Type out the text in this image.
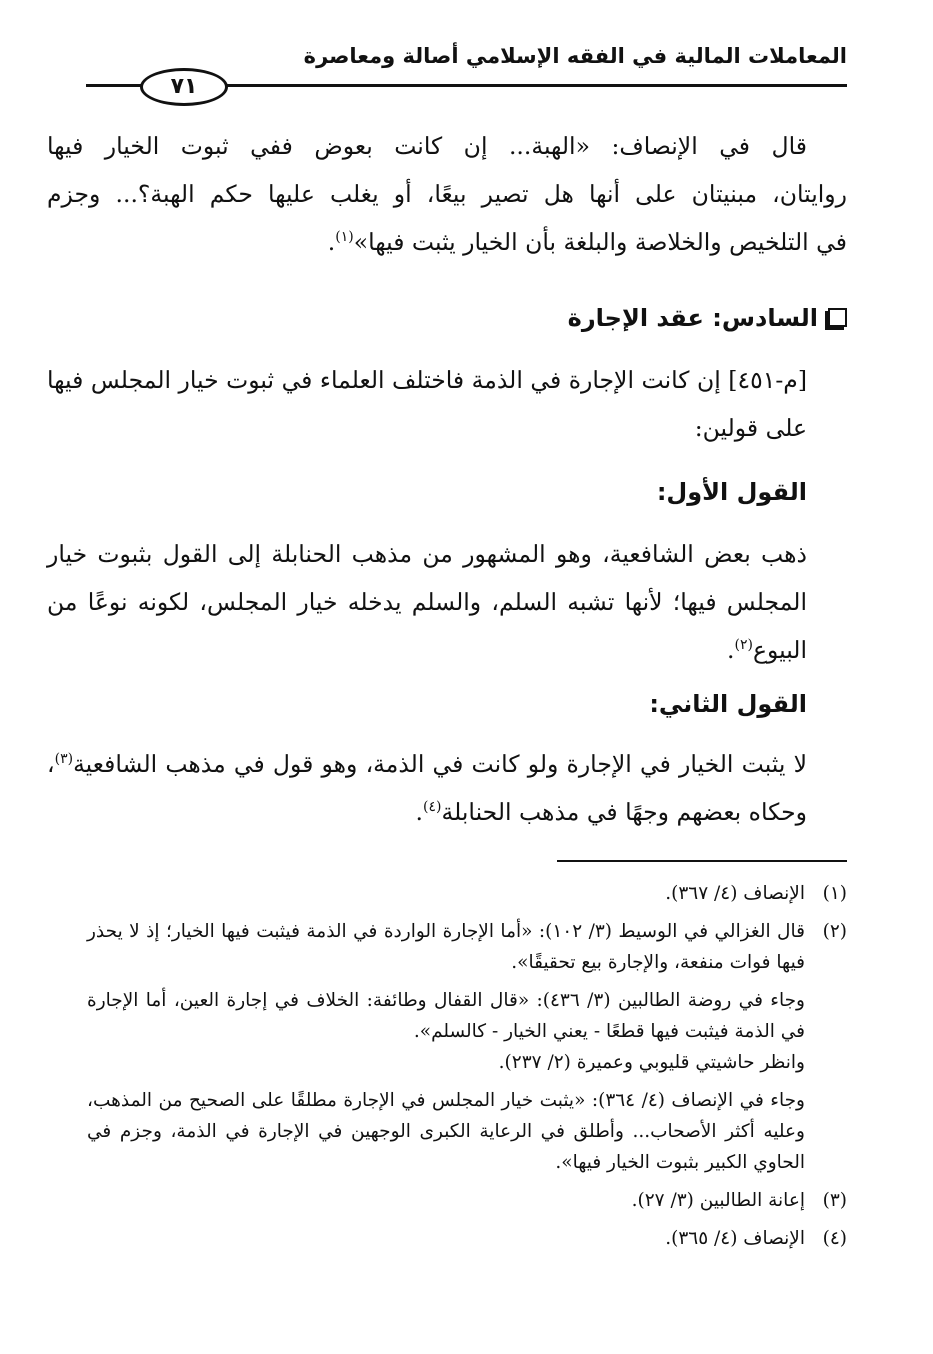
المعاملات المالية في الفقه الإسلامي أصالة ومعاصرة
٧١
قال في الإنصاف: «الهبة... إن كانت بعوض ففي ثبوت الخيار فيها
روايتان، مبنيتان على أنها هل تصير بيعًا، أو يغلب عليها حكم الهبة؟... وجزم
في التلخيص والخلاصة والبلغة بأن الخيار يثبت فيها»$^{(١)}$.
السادس: عقد الإجارة
[م-٤٥١] إن كانت الإجارة في الذمة فاختلف العلماء في ثبوت خيار المجلس فيها على قولين:
القول الأول:
ذهب بعض الشافعية، وهو المشهور من مذهب الحنابلة إلى القول بثبوت خيار المجلس فيها؛ لأنها تشبه السلم، والسلم يدخله خيار المجلس، لكونه نوعًا من البيوع$^{(٢)}$.
القول الثاني:
لا يثبت الخيار في الإجارة ولو كانت في الذمة، وهو قول في مذهب الشافعية$^{(٣)}$، وحكاه بعضهم وجهًا في مذهب الحنابلة$^{(٤)}$.
(١)
الإنصاف (٤/ ٣٦٧).
(٢)
قال الغزالي في الوسيط (٣/ ١٠٢): «أما الإجارة الواردة في الذمة فيثبت فيها الخيار؛ إذ لا يحذر فيها فوات منفعة، والإجارة بيع تحقيقًا».
وجاء في روضة الطالبين (٣/ ٤٣٦): «قال القفال وطائفة: الخلاف في إجارة العين، أما الإجارة في الذمة فيثبت فيها قطعًا - يعني الخيار - كالسلم».
وانظر حاشيتي قليوبي وعميرة (٢/ ٢٣٧).
وجاء في الإنصاف (٤/ ٣٦٤): «يثبت خيار المجلس في الإجارة مطلقًا على الصحيح من المذهب، وعليه أكثر الأصحاب... وأطلق في الرعاية الكبرى الوجهين في الإجارة في الذمة، وجزم في الحاوي الكبير بثبوت الخيار فيها».
(٣)
إعانة الطالبين (٣/ ٢٧).
(٤)
الإنصاف (٤/ ٣٦٥).
